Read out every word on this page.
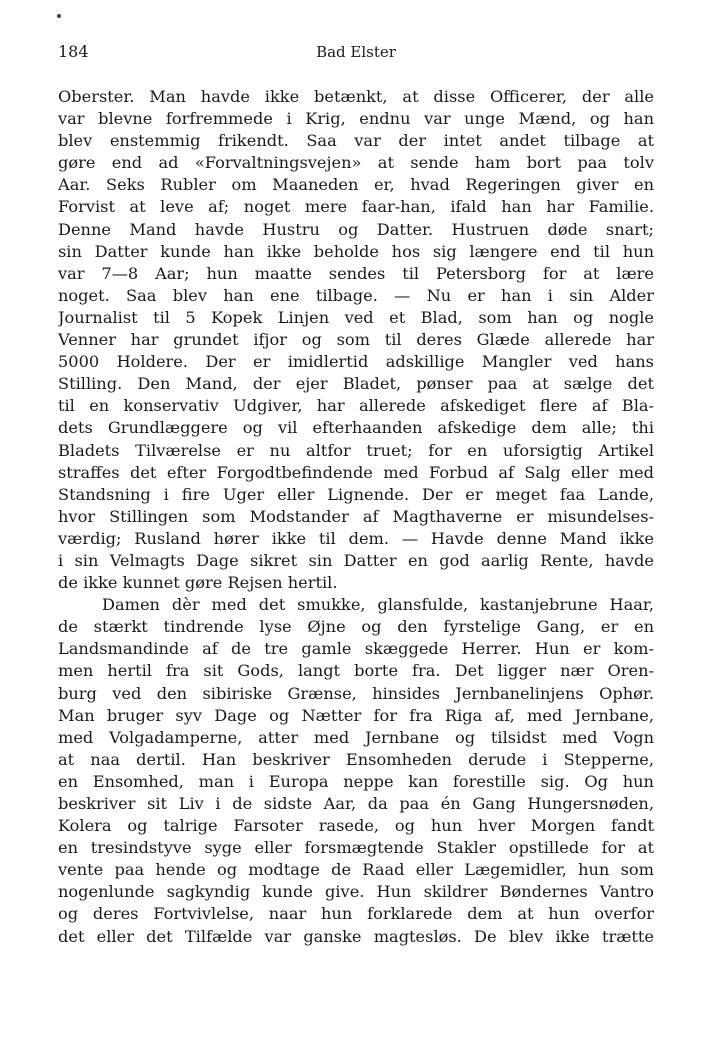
184	Bad Elster
Oberster. Man havde ikke betænkt, at disse Officerer, der alle
var blevne forfremmede i Krig, endnu var unge Mænd, og han
blev enstemmig frikendt. Saa var der intet andet tilbage at
gøre end ad «Forvaltningsvejen» at sende ham bort paa tolv
Aar. Seks Rubler om Maaneden er, hvad Regeringen giver en
Forvist at leve af; noget mere faar-han, ifald han har Familie.
Denne Mand havde Hustru og Datter. Hustruen døde snart;
sin Datter kunde han ikke beholde hos sig længere end til hun
var 7—8 Aar; hun maatte sendes til Petersborg for at lære
noget. Saa blev han ene tilbage. — Nu er han i sin Alder
Journalist til 5 Kopek Linjen ved et Blad, som han og nogle
Venner har grundet ifjor og som til deres Glæde allerede har
5000 Holdere. Der er imidlertid adskillige Mangler ved hans
Stilling. Den Mand, der ejer Bladet, pønser paa at sælge det
til en konservativ Udgiver, har allerede afskediget flere af Bla-
dets Grundlæggere og vil efterhaanden afskedige dem alle; thi
Bladets Tilværelse er nu altfor truet; for en uforsigtig Artikel
straffes det efter Forgodtbefindende med Forbud af Salg eller med
Standsning i fire Uger eller Lignende. Der er meget faa Lande,
hvor Stillingen som Modstander af Magthaverne er misundelses-
værdig; Rusland hører ikke til dem. — Havde denne Mand ikke
i sin Velmagts Dage sikret sin Datter en god aarlig Rente, havde
de ikke kunnet gøre Rejsen hertil.
Damen dèr med det smukke, glansfulde, kastanjebrune Haar,
de stærkt tindrende lyse Øjne og den fyrstelige Gang, er en
Landsmandinde af de tre gamle skæggede Herrer. Hun er kom-
men hertil fra sit Gods, langt borte fra. Det ligger nær Oren-
burg ved den sibiriske Grænse, hinsides Jernbanelinjens Ophør.
Man bruger syv Dage og Nætter for fra Riga af, med Jernbane,
med Volgadamperne, atter med Jernbane og tilsidst med Vogn
at naa dertil. Han beskriver Ensomheden derude i Stepperne,
en Ensomhed, man i Europa neppe kan forestille sig. Og hun
beskriver sit Liv i de sidste Aar, da paa én Gang Hungersnøden,
Kolera og talrige Farsoter rasede, og hun hver Morgen fandt
en tresindstyve syge eller forsmægtende Stakler opstillede for at
vente paa hende og modtage de Raad eller Lægemidler, hun som
nogenlunde sagkyndig kunde give. Hun skildrer Bøndernes Vantro
og deres Fortvivlelse, naar hun forklarede dem at hun overfor
det eller det Tilfælde var ganske magtesløs. De blev ikke trætte
